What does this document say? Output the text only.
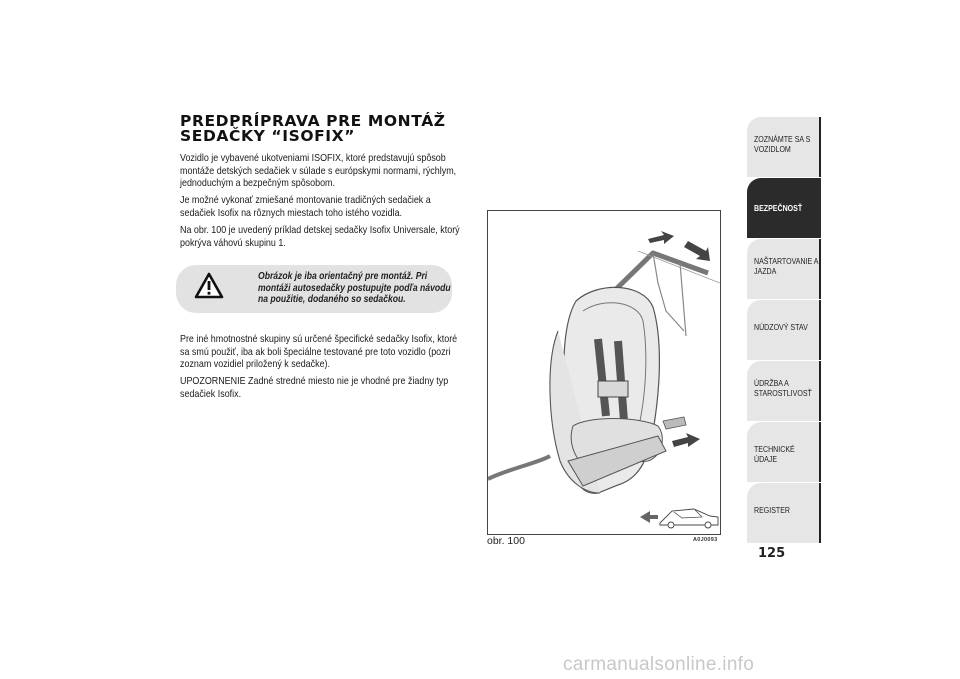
PREDPRÍPRAVA PRE MONTÁŽ
SEDAČKY “ISOFIX”

Vozidlo je vybavené ukotveniami ISOFIX, ktoré predstavujú spôsob montáže detských sedačiek v súlade s európskymi normami, rýchlym, jednoduchým a bezpečným spôsobom.

Je možné vykonať zmiešané montovanie tradičných sedačiek a sedačiek Isofix na rôznych miestach toho istého vozidla.

Na obr. 100 je uvedený príklad detskej sedačky Isofix Universale, ktorý pokrýva váhovú skupinu 1.

Obrázok je iba orientačný pre montáž. Pri montáži autosedačky postupujte podľa návodu na použitie, dodaného so sedačkou.

Pre iné hmotnostné skupiny sú určené špecifické sedačky Isofix, ktoré sa smú použiť, iba ak boli špeciálne testované pre toto vozidlo (pozri zoznam vozidiel priložený k sedačke).

UPOZORNENIE Zadné stredné miesto nie je vhodné pre žiadny typ sedačiek Isofix.

obr. 100	A0J0093
ZOZNÁMTE SA S VOZIDLOM
BEZPEČNOSŤ
NAŠTARTOVANIE A JAZDA
NÚDZOVÝ STAV
ÚDRŽBA A STAROSTLIVOSŤ
TECHNICKÉ ÚDAJE
REGISTER
125
carmanualsonline.info
